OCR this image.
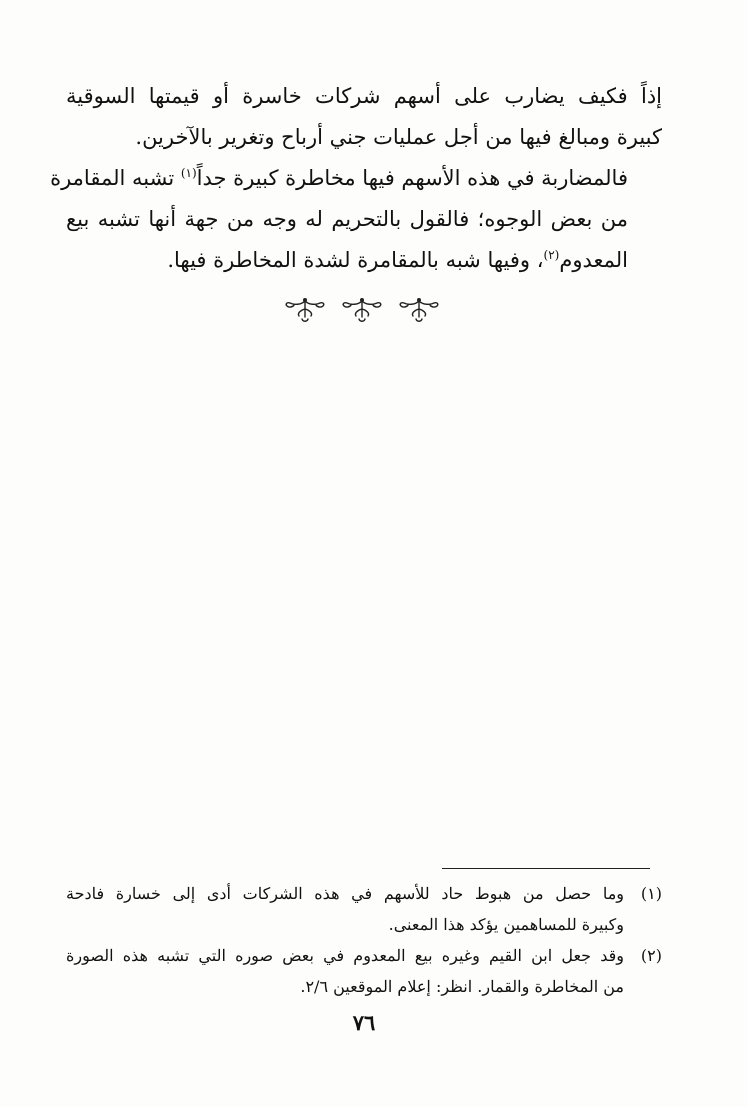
إذاً فكيف يضارب على أسهم شركات خاسرة أو قيمتها السوقية
كبيرة ومبالغ فيها من أجل عمليات جني أرباح وتغرير بالآخرين.

فالمضاربة في هذه الأسهم فيها مخاطرة كبيرة جداً$^{(١)}$ تشبه المقامرة
من بعض الوجوه؛ فالقول بالتحريم له وجه من جهة أنها تشبه بيع
المعدوم$^{(٢)}$، وفيها شبه بالمقامرة لشدة المخاطرة فيها.

(١)
وما حصل من هبوط حاد للأسهم في هذه الشركات أدى إلى خسارة فادحة
وكبيرة للمساهمين يؤكد هذا المعنى.
(٢)
وقد جعل ابن القيم وغيره بيع المعدوم في بعض صوره التي تشبه هذه الصورة
من المخاطرة والقمار. انظر: إعلام الموقعين ٢/٦.
٧٦
